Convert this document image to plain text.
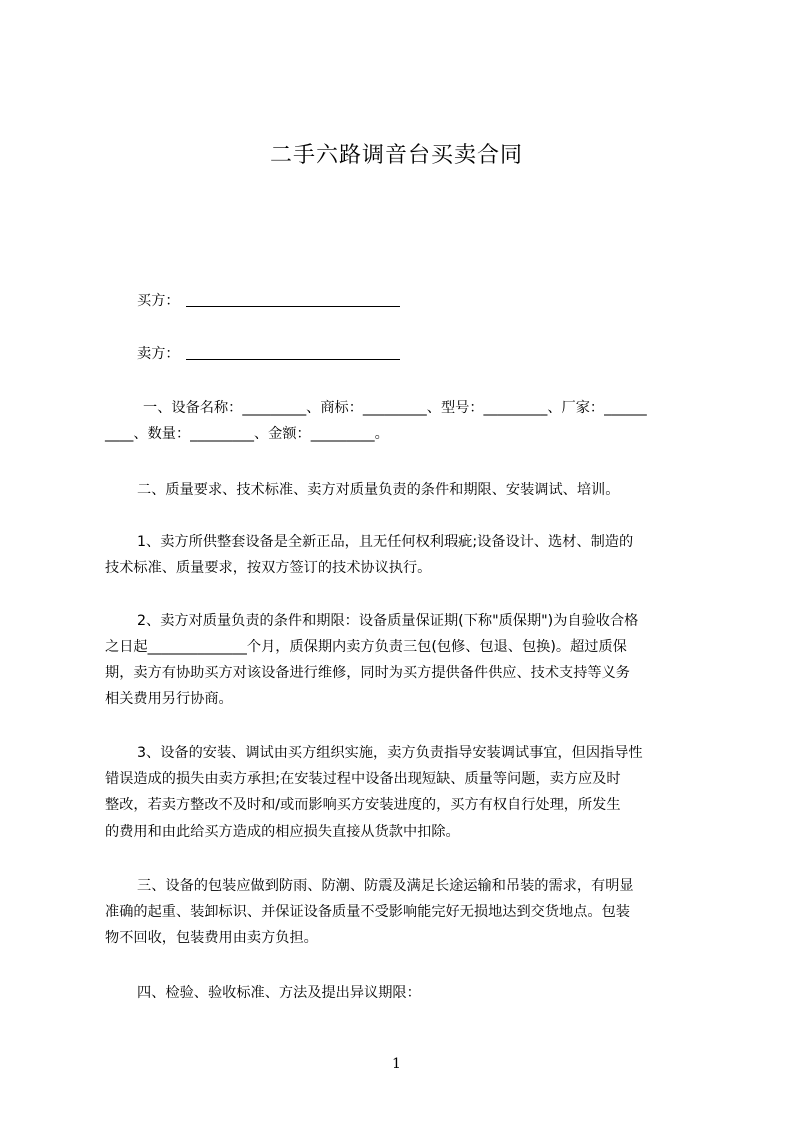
二手六路调音台买卖合同
买方：
卖方：
一、设备名称：_________、商标：_________、型号：_________、厂家：______
____、数量：_________、金额：_________。
二、质量要求、技术标准、卖方对质量负责的条件和期限、安装调试、培训。
1、卖方所供整套设备是全新正品，且无任何权利瑕疵;设备设计、选材、制造的
技术标准、质量要求，按双方签订的技术协议执行。
2、卖方对质量负责的条件和期限：设备质量保证期(下称"质保期")为自验收合格
之日起______________个月，质保期内卖方负责三包(包修、包退、包换)。超过质保
期，卖方有协助买方对该设备进行维修，同时为买方提供备件供应、技术支持等义务
相关费用另行协商。
3、设备的安装、调试由买方组织实施，卖方负责指导安装调试事宜，但因指导性
错误造成的损失由卖方承担;在安装过程中设备出现短缺、质量等问题，卖方应及时
整改，若卖方整改不及时和/或而影响买方安装进度的，买方有权自行处理，所发生
的费用和由此给买方造成的相应损失直接从货款中扣除。
三、设备的包装应做到防雨、防潮、防震及满足长途运输和吊装的需求，有明显
准确的起重、装卸标识、并保证设备质量不受影响能完好无损地达到交货地点。包装
物不回收，包装费用由卖方负担。
四、检验、验收标准、方法及提出异议期限：
1
